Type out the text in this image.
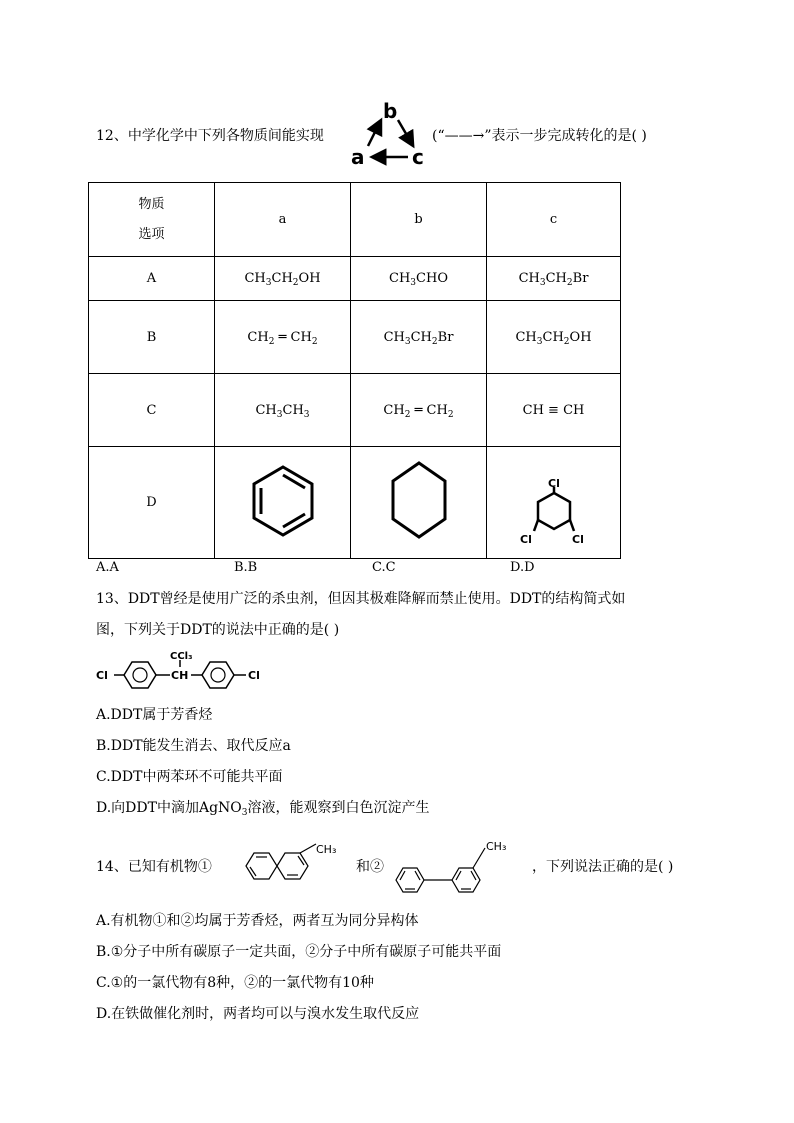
12、中学化学中下列各物质间能实现
b
a c
(“——→”表示一步完成转化的是( )
物质
选项	a	b	c
A	$CH_3CH_2OH$	$CH_3CHO$	$CH_3CH_2Br$
B	$CH_2$ ═ $CH_2$	$CH_3CH_2Br$	$CH_3CH_2OH$
C	$CH_3CH_3$	$CH_2$ ═ $CH_2$	CH ≡ CH
D			Cl
Cl Cl
A.A	B.B	C.C	D.D
13、DDT曾经是使用广泛的杀虫剂，但因其极难降解而禁止使用。DDT的结构简式如
图，下列关于DDT的说法中正确的是( )
Cl	CH
CCl₃
Cl
A.DDT属于芳香烃
B.DDT能发生消去、取代反应a
C.DDT中两苯环不可能共平面
D.向DDT中滴加AgNO$_3$溶液，能观察到白色沉淀产生
14、已知有机物①
CH₃
和②
CH₃
，下列说法正确的是( )
A.有机物①和②均属于芳香烃，两者互为同分异构体
B.①分子中所有碳原子一定共面，②分子中所有碳原子可能共平面
C.①的一氯代物有8种，②的一氯代物有10种
D.在铁做催化剂时，两者均可以与溴水发生取代反应
